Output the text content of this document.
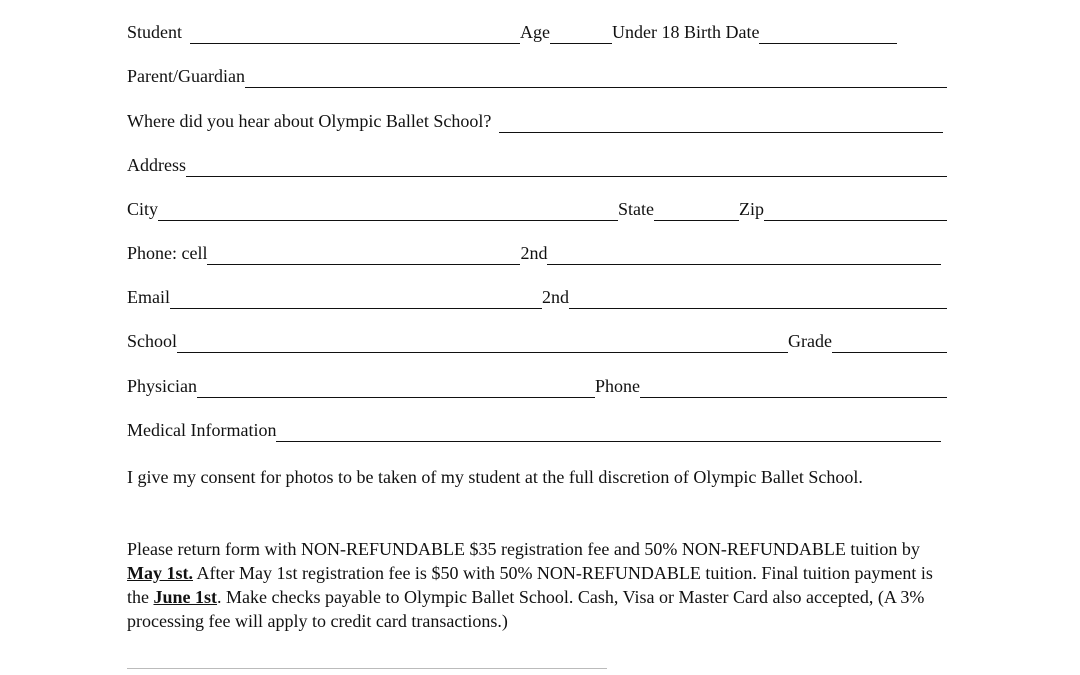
Student	Age	Under 18 Birth Date
Parent/Guardian
Where did you hear about Olympic Ballet School?
Address
City	State	Zip
Phone: cell	2nd
Email	2nd
School	Grade
Physician	Phone
Medical Information
I give my consent for photos to be taken of my student at the full discretion of Olympic Ballet School.
Please return form with NON-REFUNDABLE $35 registration fee and 50% NON-REFUNDABLE tuition by May 1st. After May 1st registration fee is $50 with 50% NON-REFUNDABLE tuition. Final tuition payment is the June 1st. Make checks payable to Olympic Ballet School. Cash, Visa or Master Card also accepted, (A 3% processing fee will apply to credit card transactions.)
